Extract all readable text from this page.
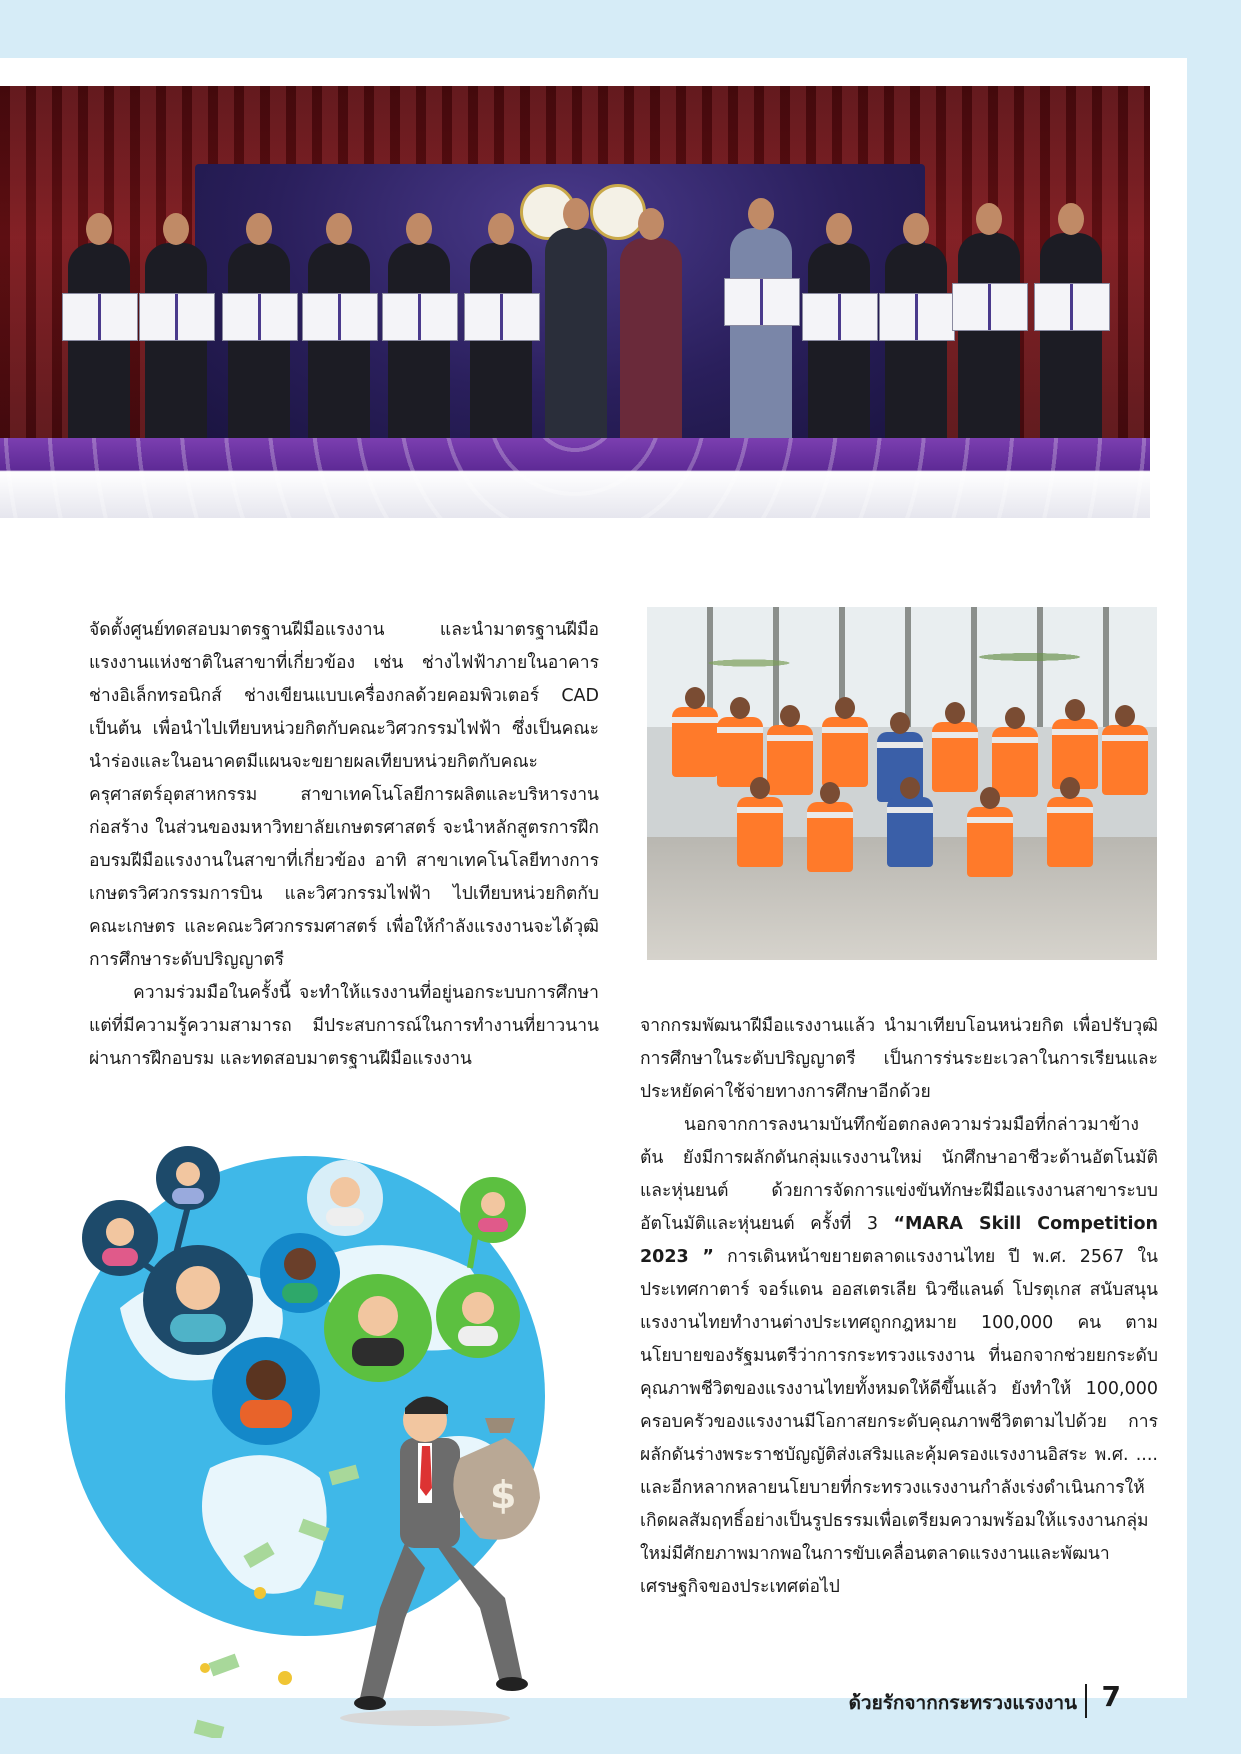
จัดตั้งศูนย์ทดสอบมาตรฐานฝีมือแรงงาน และนำมาตรฐานฝีมือแรงงานแห่งชาติในสาขาที่เกี่ยวข้อง เช่น ช่างไฟฟ้าภายในอาคาร ช่างอิเล็กทรอนิกส์ ช่างเขียนแบบเครื่องกลด้วยคอมพิวเตอร์ CAD เป็นต้น เพื่อนำไปเทียบหน่วยกิตกับคณะวิศวกรรมไฟฟ้า ซึ่งเป็นคณะนำร่องและในอนาคตมีแผนจะขยายผลเทียบหน่วยกิตกับคณะครุศาสตร์อุตสาหกรรม สาขาเทคโนโลยีการผลิตและบริหารงานก่อสร้าง ในส่วนของมหาวิทยาลัยเกษตรศาสตร์ จะนำหลักสูตรการฝึกอบรมฝีมือแรงงานในสาขาที่เกี่ยวข้อง อาทิ สาขาเทคโนโลยีทางการเกษตรวิศวกรรมการบิน และวิศวกรรมไฟฟ้า ไปเทียบหน่วยกิตกับคณะเกษตร และคณะวิศวกรรมศาสตร์ เพื่อให้กำลังแรงงานจะได้วุฒิการศึกษาระดับปริญญาตรี

ความร่วมมือในครั้งนี้ จะทำให้แรงงานที่อยู่นอกระบบการศึกษา แต่ที่มีความรู้ความสามารถ มีประสบการณ์ในการทำงานที่ยาวนานผ่านการฝึกอบรม และทดสอบมาตรฐานฝีมือแรงงาน

จากกรมพัฒนาฝีมือแรงงานแล้ว นำมาเทียบโอนหน่วยกิต เพื่อปรับวุฒิการศึกษาในระดับปริญญาตรี เป็นการร่นระยะเวลาในการเรียนและประหยัดค่าใช้จ่ายทางการศึกษาอีกด้วย

นอกจากการลงนามบันทึกข้อตกลงความร่วมมือที่กล่าวมาข้างต้น ยังมีการผลักดันกลุ่มแรงงานใหม่ นักศึกษาอาชีวะด้านอัตโนมัติและหุ่นยนต์ ด้วยการจัดการแข่งขันทักษะฝีมือแรงงานสาขาระบบอัตโนมัติและหุ่นยนต์ ครั้งที่ 3 “MARA Skill Competition 2023 ” การเดินหน้าขยายตลาดแรงงานไทย ปี พ.ศ. 2567 ในประเทศกาตาร์ จอร์แดน ออสเตรเลีย นิวซีแลนด์ โปรตุเกส สนับสนุนแรงงานไทยทำงานต่างประเทศถูกกฎหมาย 100,000 คน ตามนโยบายของรัฐมนตรีว่าการกระทรวงแรงงาน ที่นอกจากช่วยยกระดับคุณภาพชีวิตของแรงงานไทยทั้งหมดให้ดีขึ้นแล้ว ยังทำให้ 100,000 ครอบครัวของแรงงานมีโอกาสยกระดับคุณภาพชีวิตตามไปด้วย การผลักดันร่างพระราชบัญญัติส่งเสริมและคุ้มครองแรงงานอิสระ พ.ศ. .... และอีกหลากหลายนโยบายที่กระทรวงแรงงานกำลังเร่งดำเนินการให้เกิดผลสัมฤทธิ์อย่างเป็นรูปธรรมเพื่อเตรียมความพร้อมให้แรงงานกลุ่มใหม่มีศักยภาพมากพอในการขับเคลื่อนตลาดแรงงานและพัฒนาเศรษฐกิจของประเทศต่อไป

$
ด้วยรักจากกระทรวงแรงงาน 7
